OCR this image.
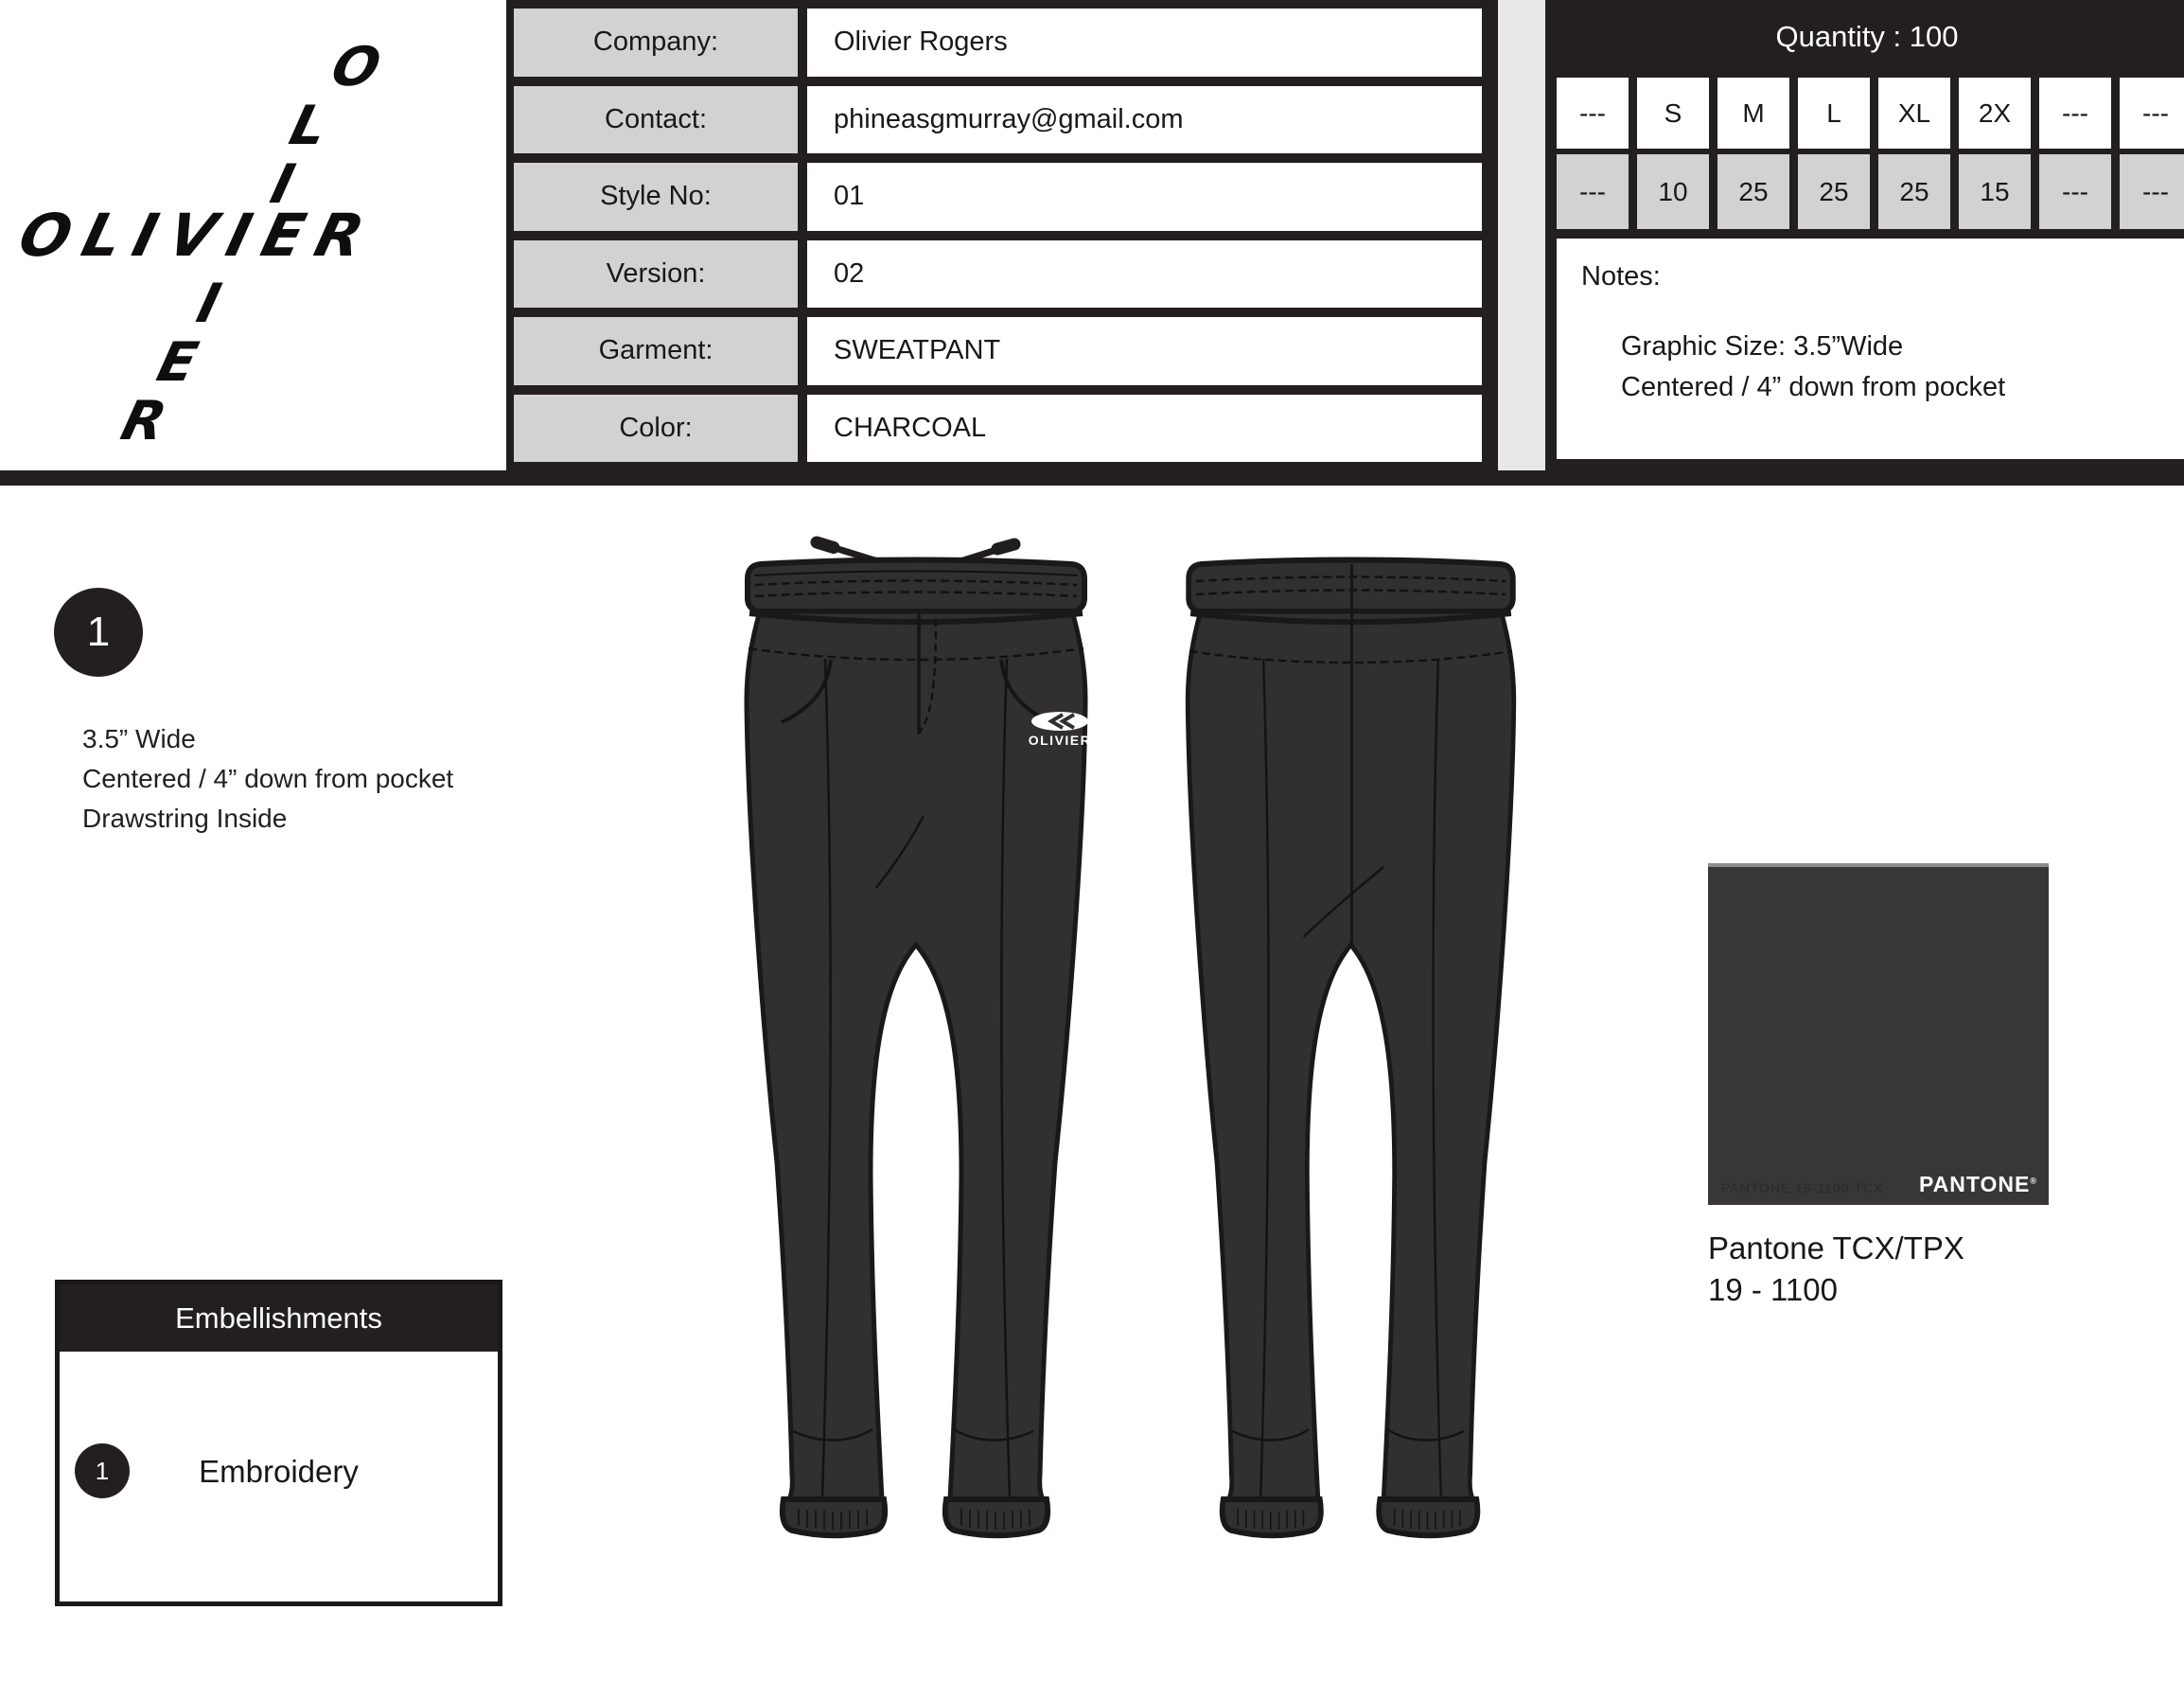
OLIVIER
O
L
I
I
E
R
Company:	Olivier Rogers
Contact:	phineasgmurray@gmail.com
Style No:	01
Version:	02
Garment:	SWEATPANT
Color:	CHARCOAL
Quantity : 100
---	S	M	L	XL	2X	---	---
---	10	25	25	25	15	---	---
Notes:
Graphic Size: 3.5”Wide
Centered / 4” down from pocket
1
3.5” Wide
Centered / 4” down from pocket
Drawstring Inside
OLIVIER
Embellishments
1	Embroidery
PANTONE 19-1100 TCX PANTONE®
Pantone TCX/TPX
19 - 1100
